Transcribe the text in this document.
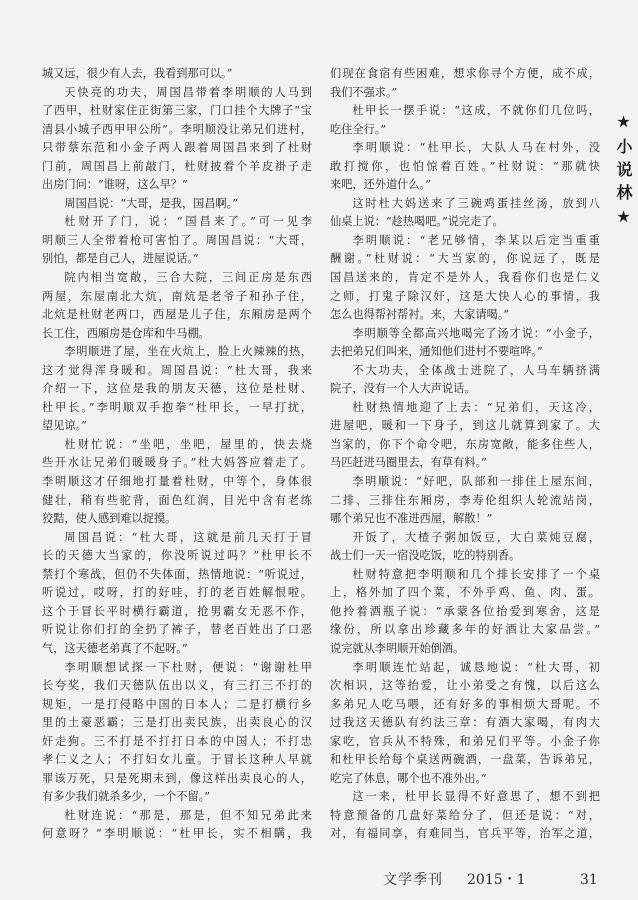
城又远，很少有人去，我看到那可以。”
天快亮的功夫，周国昌带着李明顺的人马到
了西甲，杜财家住正街第三家，门口挂个大牌子“宝
清县小城子西甲甲公所”。李明顺没让弟兄们进村，
只带蔡东范和小金子两人跟着周国昌来到了杜财
门前，周国昌上前敲门，杜财披着个羊皮褂子走
出房门问：“谁呀，这么早？”
周国昌说：“大哥，是我，国昌啊。”
杜财开了门，说：“国昌来了。”可一见李
明顺三人全带着枪可害怕了。周国昌说：“大哥，
别怕，都是自己人，进屋说话。”
院内相当宽敞，三合大院，三间正房是东西
两屋，东屋南北大炕，南炕是老爷子和孙子住，
北炕是杜财老两口，西屋是儿子住，东厢房是两个
长工住，西厢房是仓库和牛马棚。
李明顺进了屋，坐在火炕上，脸上火辣辣的热，
这才觉得浑身暖和。周国昌说：“杜大哥，我来
介绍一下，这位是我的朋友天德，这位是杜财、
杜甲长。”李明顺双手抱拳“杜甲长，一早打扰，
望见谅。”
杜财忙说：“坐吧，坐吧，屋里的，快去烧
些开水让兄弟们暖暖身子。”杜大妈答应着走了。
李明顺这才仔细地打量着杜财，中等个，身体很
健壮，稍有些驼背，面色红润，目光中含有老练
狡黠，使人感到难以捉摸。
周国昌说：“杜大哥，这就是前几天打于冒
长的天德大当家的，你没听说过吗？”杜甲长不
禁打个寒战，但仍不失体面，热情地说：“听说过，
听说过，哎呀，打的好哇，打的老百姓解恨啦。
这个于冒长平时横行霸道，抢男霸女无恶不作，
听说让你们打的全扔了裤子，替老百姓出了口恶
气，这天德老弟真了不起呀。”
李明顺想试探一下杜财，便说：“谢谢杜甲
长夸奖，我们天德队伍出以义，有三打三不打的
规矩，一是打侵略中国的日本人；二是打横行乡
里的土豪恶霸；三是打出卖民族，出卖良心的汉
奸走狗。三不打是不打打日本的中国人；不打忠
孝仁义之人；不打妇女儿童。于冒长这种人早就
罪该万死，只是死期未到，像这样出卖良心的人，
有多少我们就杀多少，一个不留。”
杜财连说：“那是，那是，但不知兄弟此来
何意呀？”李明顺说：“杜甲长，实不相瞒，我
们现在食宿有些困难，想求你寻个方便，成不成，
我们不强求。”
杜甲长一摆手说：“这成，不就你们几位吗，
吃住全行。”
李明顺说：“杜甲长，大队人马在村外，没
敢打搅你，也怕惊着百姓。”杜财说：“那就快
来吧，还外道什么。”
这时杜大妈送来了三碗鸡蛋挂丝汤，放到八
仙桌上说：“趁热喝吧。”说完走了。
李明顺说：“老兄够情，李某以后定当重重
酬谢。”杜财说：“大当家的，你说远了，既是
国昌送来的，肯定不是外人，我看你们也是仁义
之师，打鬼子除汉奸，这是大快人心的事情，我
怎么也得帮衬帮衬。来，大家请喝。”
李明顺等全都高兴地喝完了汤才说：“小金子，
去把弟兄们叫来，通知他们进村不要喧哗。”
不大功夫，全体战士进院了，人马车辆挤满
院子，没有一个人大声说话。
杜财热情地迎了上去：“兄弟们，天这冷，
进屋吧，暖和一下身子，到这儿就算到家了。大
当家的，你下个命令吧，东房宽敞，能多住些人，
马匹赶进马圈里去，有草有料。”
李明顺说：“好吧，队部和一排住上屋东间，
二排、三排住东厢房，李寿伦组织人轮流站岗，
哪个弟兄也不准进西屋，解散！”
开饭了，大楂子粥加饭豆，大白菜炖豆腐，
战士们一天一宿没吃饭，吃的特别香。
杜财特意把李明顺和几个排长安排了一个桌
上，格外加了四个菜，不外乎鸡、鱼、肉、蛋。
他拎着酒瓶子说：“承蒙各位抬爱到寒舍，这是
缘份，所以拿出珍藏多年的好酒让大家品尝。”
说完就从李明顺开始倒酒。
李明顺连忙站起，诚恳地说：“杜大哥，初
次相识，这等抬爱，让小弟受之有愧，以后这么
多弟兄人吃马喂，还有好多的事相烦大哥呢。不
过我这天德队有约法三章：有酒大家喝，有肉大
家吃，官兵从不特殊，和弟兄们平等。小金子你
和杜甲长给每个桌送两碗酒，一盘菜，告诉弟兄，
吃完了休息，哪个也不准外出。”
这一来，杜甲长显得不好意思了，想不到把
特意预备的几盘好菜给分了，但还是说：“对，
对，有福同享，有难同当，官兵平等，治军之道，
★小说林★
文学季刊 2015・1	31
